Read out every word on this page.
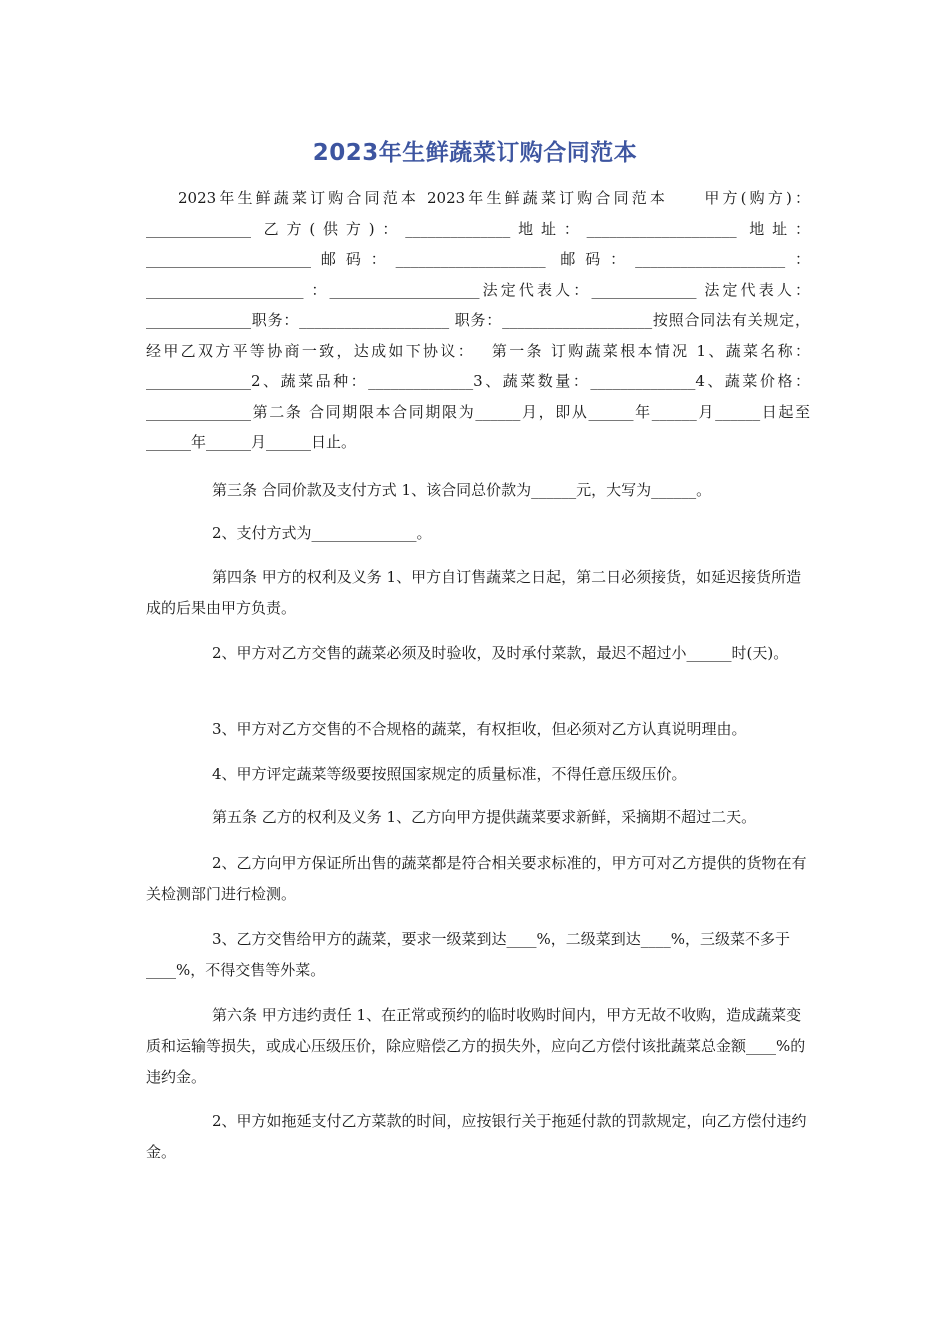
2023年生鲜蔬菜订购合同范本

2023年生鲜蔬菜订购合同范本 2023年生鲜蔬菜订购合同范本　　甲方(购方)：______________ 乙方(供方)：______________地址：____________________ 地址：______________________邮码：____________________ 邮码：____________________：_____________________ ：____________________法定代表人：______________ 法定代表人：______________职务：____________________ 职务：____________________按照合同法有关规定，经甲乙双方平等协商一致，达成如下协议：　 第一条 订购蔬菜根本情况 1、蔬菜名称：______________2、蔬菜品种：______________3、蔬菜数量：______________4、蔬菜价格：______________第二条 合同期限本合同期限为______月，即从______年______月______日起至______年______月______日止。

第三条 合同价款及支付方式 1、该合同总价款为______元，大写为______。

2、支付方式为______________。

第四条 甲方的权利及义务 1、甲方自订售蔬菜之日起，第二日必须接货，如延迟接货所造成的后果由甲方负责。

2、甲方对乙方交售的蔬菜必须及时验收，及时承付菜款，最迟不超过小______时(天)。

3、甲方对乙方交售的不合规格的蔬菜，有权拒收，但必须对乙方认真说明理由。

4、甲方评定蔬菜等级要按照国家规定的质量标准，不得任意压级压价。

第五条 乙方的权利及义务 1、乙方向甲方提供蔬菜要求新鲜，采摘期不超过二天。

2、乙方向甲方保证所出售的蔬菜都是符合相关要求标准的，甲方可对乙方提供的货物在有关检测部门进行检测。

3、乙方交售给甲方的蔬菜，要求一级菜到达____%，二级菜到达____%，三级菜不多于____%，不得交售等外菜。

第六条 甲方违约责任 1、在正常或预约的临时收购时间内，甲方无故不收购，造成蔬菜变质和运输等损失，或成心压级压价，除应赔偿乙方的损失外，应向乙方偿付该批蔬菜总金额____%的违约金。

2、甲方如拖延支付乙方菜款的时间，应按银行关于拖延付款的罚款规定，向乙方偿付违约金。
